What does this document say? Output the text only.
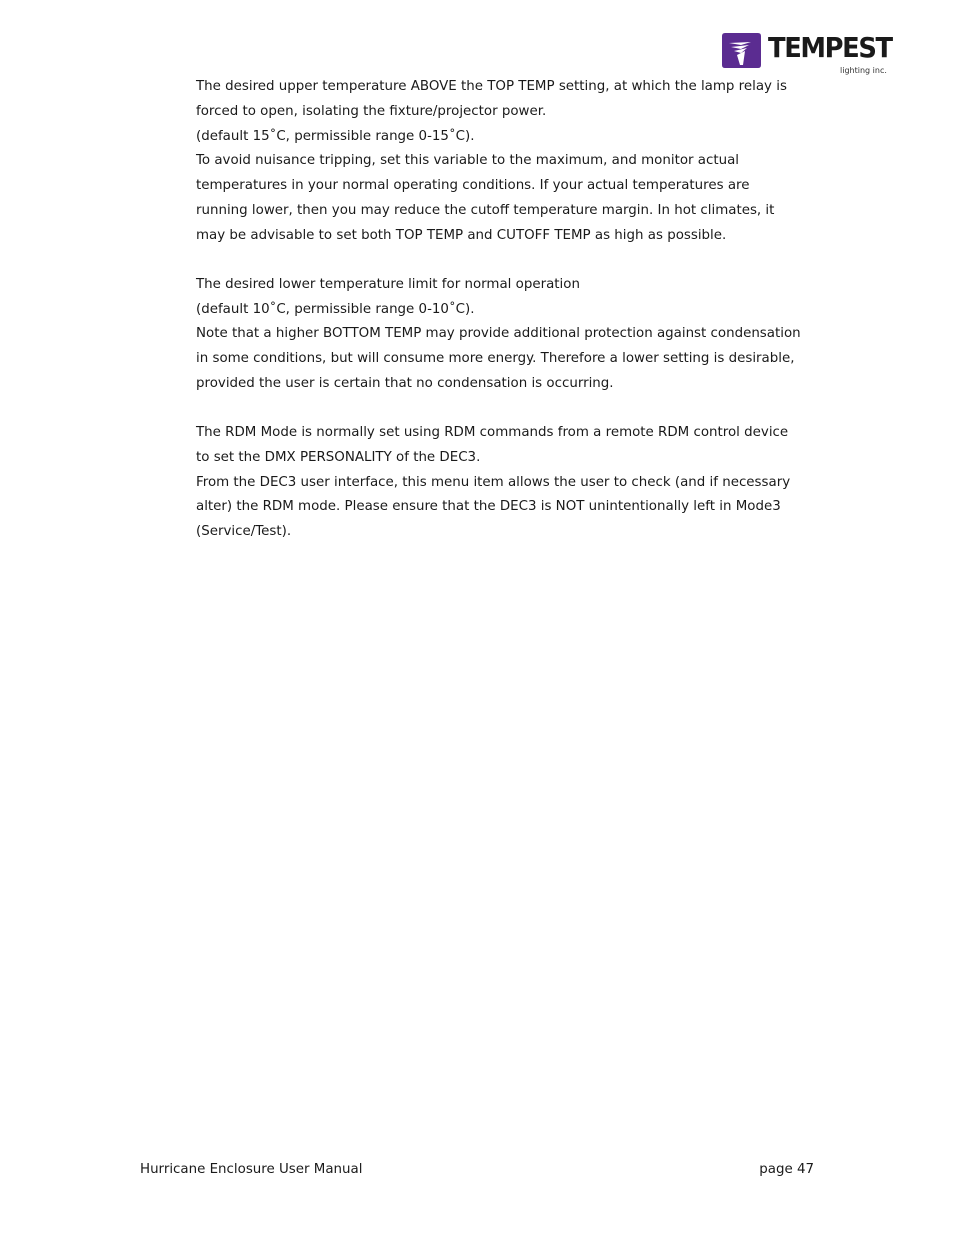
TEMPEST
lighting inc.
The desired upper temperature ABOVE the TOP TEMP setting, at which the lamp relay is
forced to open, isolating the fixture/projector power.
(default 15˚C, permissible range 0-15˚C).
To avoid nuisance tripping, set this variable to the maximum, and monitor actual
temperatures in your normal operating conditions. If your actual temperatures are
running lower, then you may reduce the cutoff temperature margin. In hot climates, it
may be advisable to set both TOP TEMP and CUTOFF TEMP as high as possible.
The desired lower temperature limit for normal operation
(default 10˚C, permissible range 0-10˚C).
Note that a higher BOTTOM TEMP may provide additional protection against condensation
in some conditions, but will consume more energy. Therefore a lower setting is desirable,
provided the user is certain that no condensation is occurring.
The RDM Mode is normally set using RDM commands from a remote RDM control device
to set the DMX PERSONALITY of the DEC3.
From the DEC3 user interface, this menu item allows the user to check (and if necessary
alter) the RDM mode. Please ensure that the DEC3 is NOT unintentionally left in Mode3
(Service/Test).
Hurricane Enclosure User Manual	page 47
